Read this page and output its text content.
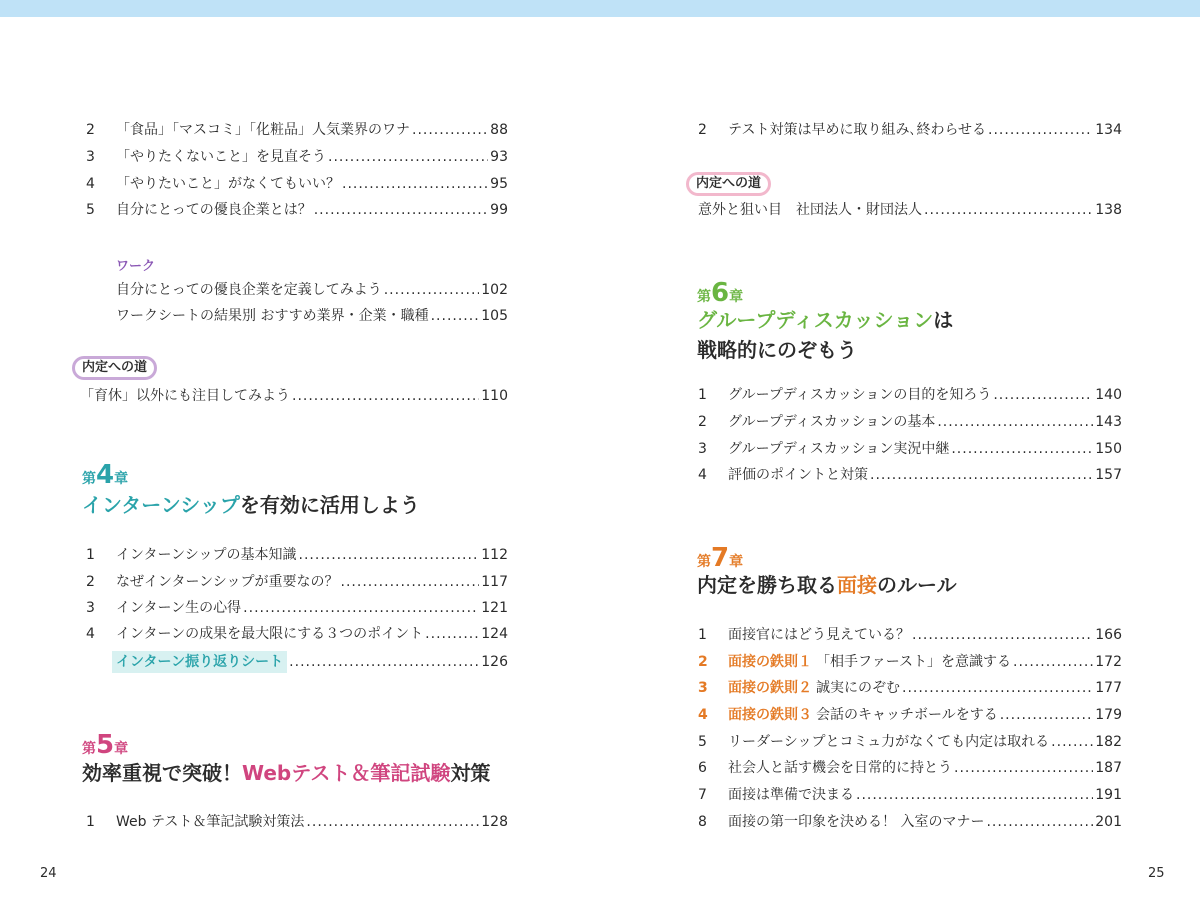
2	「食品」「マスコミ」「化粧品」人気業界のワナ .....	88
3	「やりたくないこと」を見直そう .....	93
4	「やりたいこと」がなくてもいい？ .....	95
5	自分にとっての優良企業とは？ .....	99
ワーク
自分にとっての優良企業を定義してみよう .....	102
ワークシートの結果別 おすすめ業界・企業・職種 .....	105
内定への道
「育休」以外にも注目してみよう .....	110
第4章
インターンシップを有効に活用しよう
1	インターンシップの基本知識 .....	112
2	なぜインターンシップが重要なの？ .....	117
3	インターン生の心得 .....	121
4	インターンの成果を最大限にする３つのポイント .....	124
インターン振り返りシート .....	126
第5章
効率重視で突破！Webテスト＆筆記試験対策
1	Web テスト＆筆記試験対策法 .....	128
24
2	テスト対策は早めに取り組み､終わらせる .....	134
内定への道
意外と狙い目　社団法人・財団法人 .....	138
第6章
グループディスカッションは
戦略的にのぞもう
1	グループディスカッションの目的を知ろう .....	140
2	グループディスカッションの基本 .....	143
3	グループディスカッション実況中継 .....	150
4	評価のポイントと対策 .....	157
第7章
内定を勝ち取る面接のルール
1	面接官にはどう見えている？ .....	166
2	面接の鉄則１ 「相手ファースト」を意識する .....	172
3	面接の鉄則２ 誠実にのぞむ .....	177
4	面接の鉄則３ 会話のキャッチボールをする .....	179
5	リーダーシップとコミュ力がなくても内定は取れる .....	182
6	社会人と話す機会を日常的に持とう .....	187
7	面接は準備で決まる .....	191
8	面接の第一印象を決める！ 入室のマナー .....	201
25
